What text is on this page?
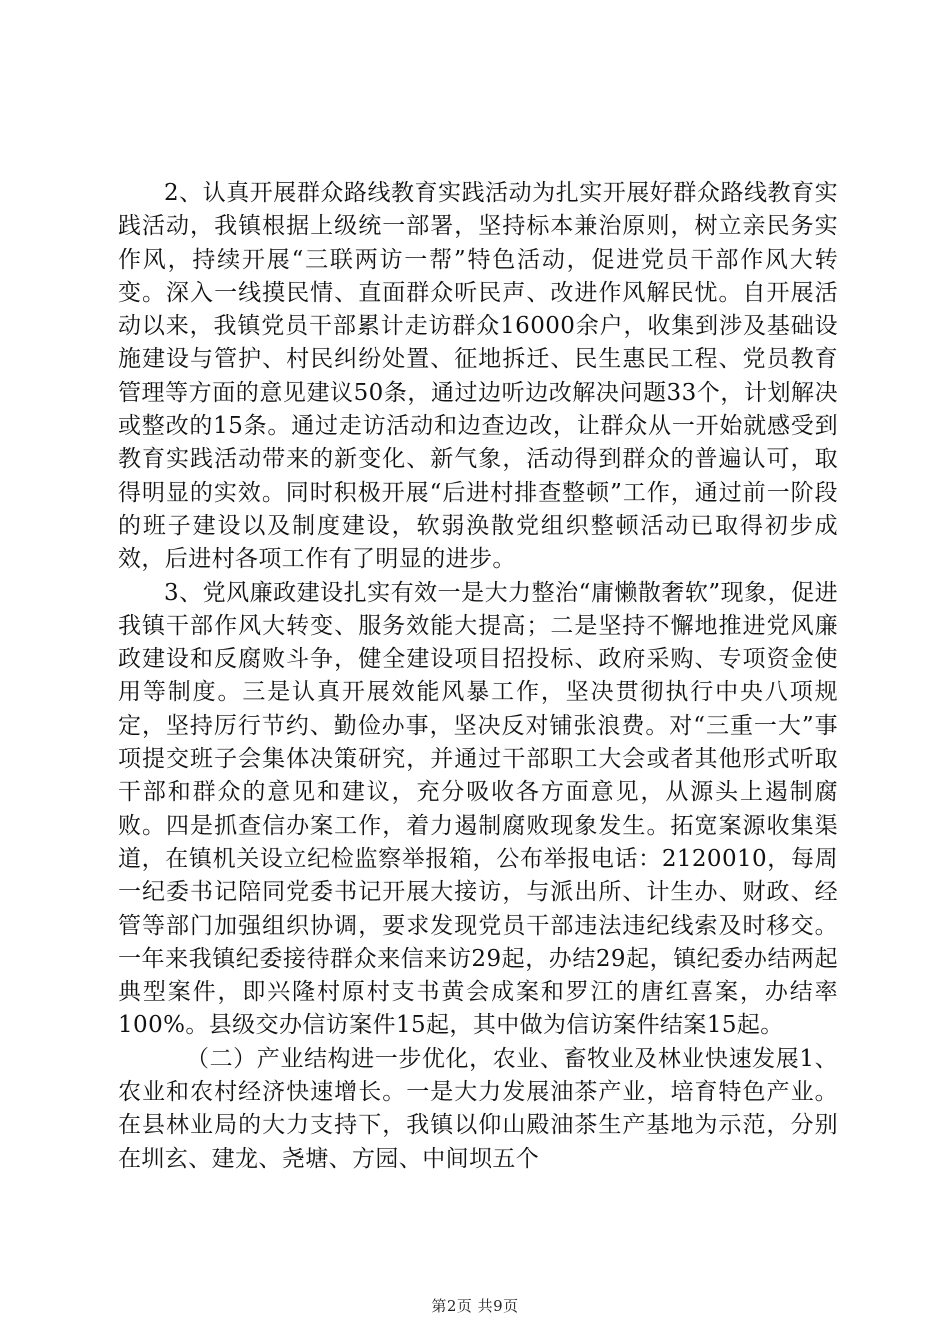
2、认真开展群众路线教育实践活动为扎实开展好群众路线教育实践活动，我镇根据上级统一部署，坚持标本兼治原则，树立亲民务实作风，持续开展“三联两访一帮”特色活动，促进党员干部作风大转变。深入一线摸民情、直面群众听民声、改进作风解民忧。自开展活动以来，我镇党员干部累计走访群众16000余户，收集到涉及基础设施建设与管护、村民纠纷处置、征地拆迁、民生惠民工程、党员教育管理等方面的意见建议50条，通过边听边改解决问题33个，计划解决或整改的15条。通过走访活动和边查边改，让群众从一开始就感受到教育实践活动带来的新变化、新气象，活动得到群众的普遍认可，取得明显的实效。同时积极开展“后进村排查整顿”工作，通过前一阶段的班子建设以及制度建设，软弱涣散党组织整顿活动已取得初步成效，后进村各项工作有了明显的进步。

3、党风廉政建设扎实有效一是大力整治“庸懒散奢软”现象，促进我镇干部作风大转变、服务效能大提高；二是坚持不懈地推进党风廉政建设和反腐败斗争，健全建设项目招投标、政府采购、专项资金使用等制度。三是认真开展效能风暴工作，坚决贯彻执行中央八项规定，坚持厉行节约、勤俭办事，坚决反对铺张浪费。对“三重一大”事项提交班子会集体决策研究，并通过干部职工大会或者其他形式听取干部和群众的意见和建议，充分吸收各方面意见，从源头上遏制腐败。四是抓查信办案工作，着力遏制腐败现象发生。拓宽案源收集渠道，在镇机关设立纪检监察举报箱，公布举报电话：2120010，每周一纪委书记陪同党委书记开展大接访，与派出所、计生办、财政、经管等部门加强组织协调，要求发现党员干部违法违纪线索及时移交。一年来我镇纪委接待群众来信来访29起，办结29起，镇纪委办结两起典型案件，即兴隆村原村支书黄会成案和罗江的唐红喜案，办结率100%。县级交办信访案件15起，其中做为信访案件结案15起。

（二）产业结构进一步优化，农业、畜牧业及林业快速发展1、农业和农村经济快速增长。一是大力发展油茶产业，培育特色产业。在县林业局的大力支持下，我镇以仰山殿油茶生产基地为示范，分别在圳玄、建龙、尧塘、方园、中间坝五个

第2页 共9页
